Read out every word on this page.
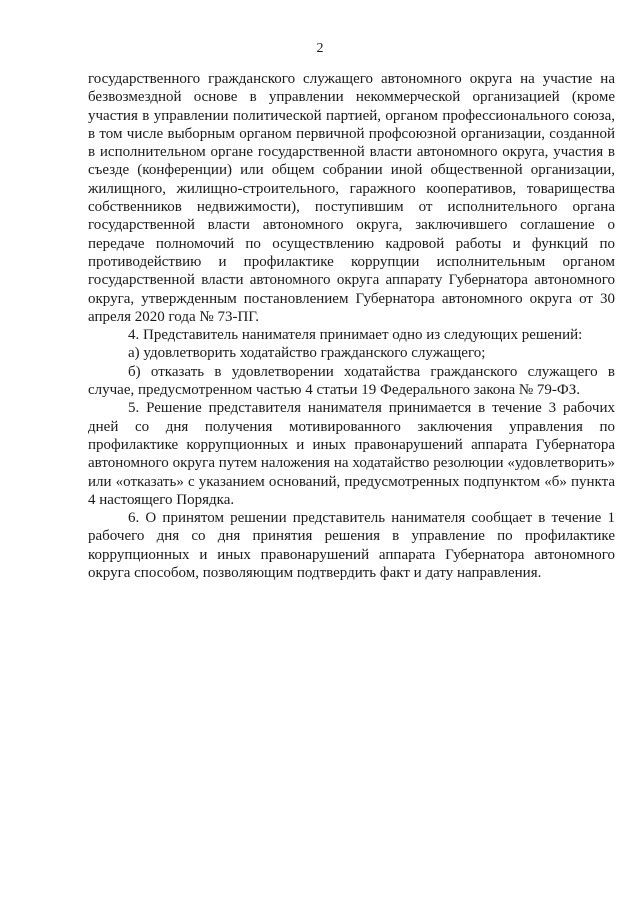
2

государственного гражданского служащего автономного округа на участие на безвозмездной основе в управлении некоммерческой организацией (кроме участия в управлении политической партией, органом профессионального союза, в том числе выборным органом первичной профсоюзной организации, созданной в исполнительном органе государственной власти автономного округа, участия в съезде (конференции) или общем собрании иной общественной организации, жилищного, жилищно-строительного, гаражного кооперативов, товарищества собственников недвижимости), поступившим от исполнительного органа государственной власти автономного округа, заключившего соглашение о передаче полномочий по осуществлению кадровой работы и функций по противодействию и профилактике коррупции исполнительным органом государственной власти автономного округа аппарату Губернатора автономного округа, утвержденным постановлением Губернатора автономного округа от 30 апреля 2020 года № 73-ПГ.

4. Представитель нанимателя принимает одно из следующих решений:

а) удовлетворить ходатайство гражданского служащего;

б) отказать в удовлетворении ходатайства гражданского служащего в случае, предусмотренном частью 4 статьи 19 Федерального закона № 79-ФЗ.

5. Решение представителя нанимателя принимается в течение 3 рабочих дней со дня получения мотивированного заключения управления по профилактике коррупционных и иных правонарушений аппарата Губернатора автономного округа путем наложения на ходатайство резолюции «удовлетворить» или «отказать» с указанием оснований, предусмотренных подпунктом «б» пункта 4 настоящего Порядка.

6. О принятом решении представитель нанимателя сообщает в течение 1 рабочего дня со дня принятия решения в управление по профилактике коррупционных и иных правонарушений аппарата Губернатора автономного округа способом, позволяющим подтвердить факт и дату направления.
